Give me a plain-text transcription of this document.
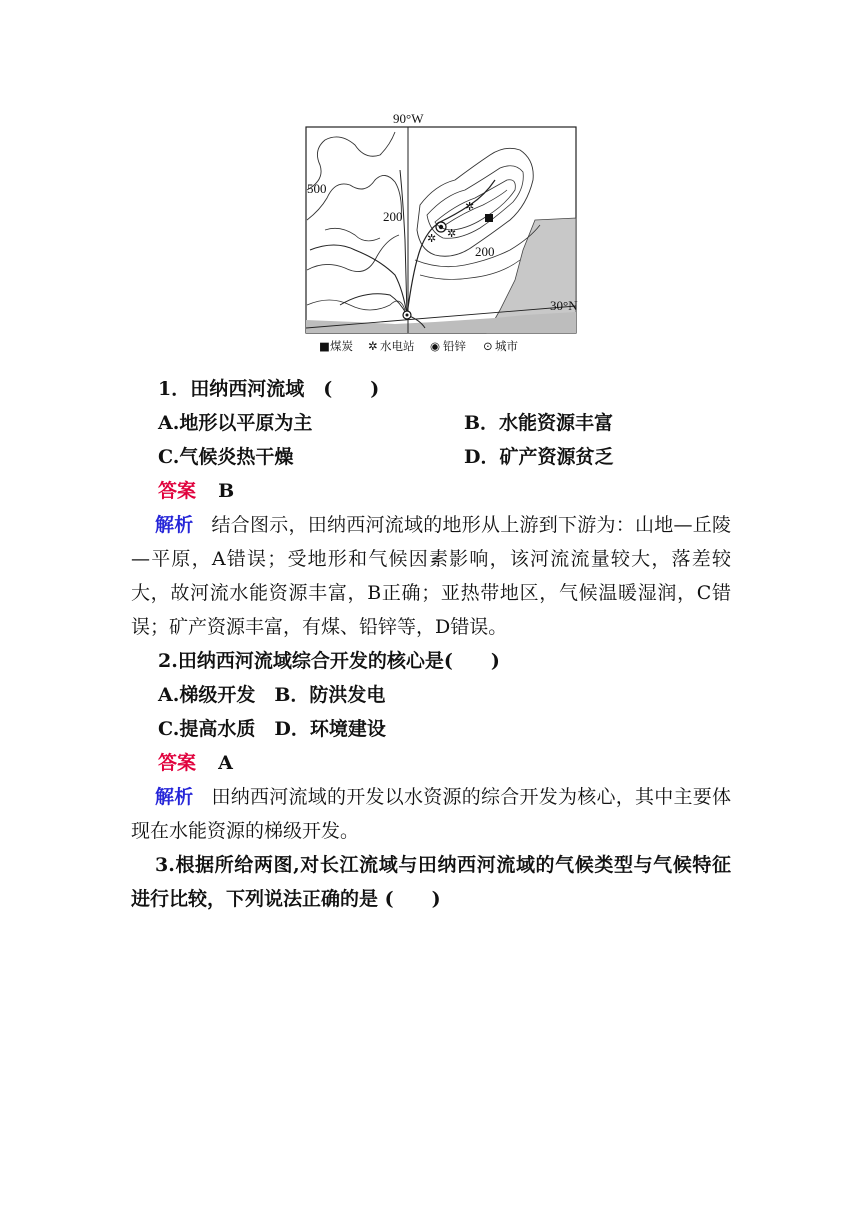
90°W
30°N
500
200
200
✲ ✲
✲
■ 煤炭 ✲ 水电站 ◉ 铅锌 ⊙ 城市
1．田纳西河流域　(　　)
A.地形以平原为主	B．水能资源丰富
C.气候炎热干燥	D．矿产资源贫乏
答案 B
解析 结合图示，田纳西河流域的地形从上游到下游为：山地—丘陵—平原，A错误；受地形和气候因素影响，该河流流量较大，落差较大，故河流水能资源丰富，B正确；亚热带地区，气候温暖湿润，C错误；矿产资源丰富，有煤、铅锌等，D错误。
2.田纳西河流域综合开发的核心是(　　)
A.梯级开发　B．防洪发电
C.提高水质　D．环境建设
答案 A
解析 田纳西河流域的开发以水资源的综合开发为核心，其中主要体现在水能资源的梯级开发。
3.根据所给两图,对长江流域与田纳西河流域的气候类型与气候特征进行比较，下列说法正确的是 (　　)
